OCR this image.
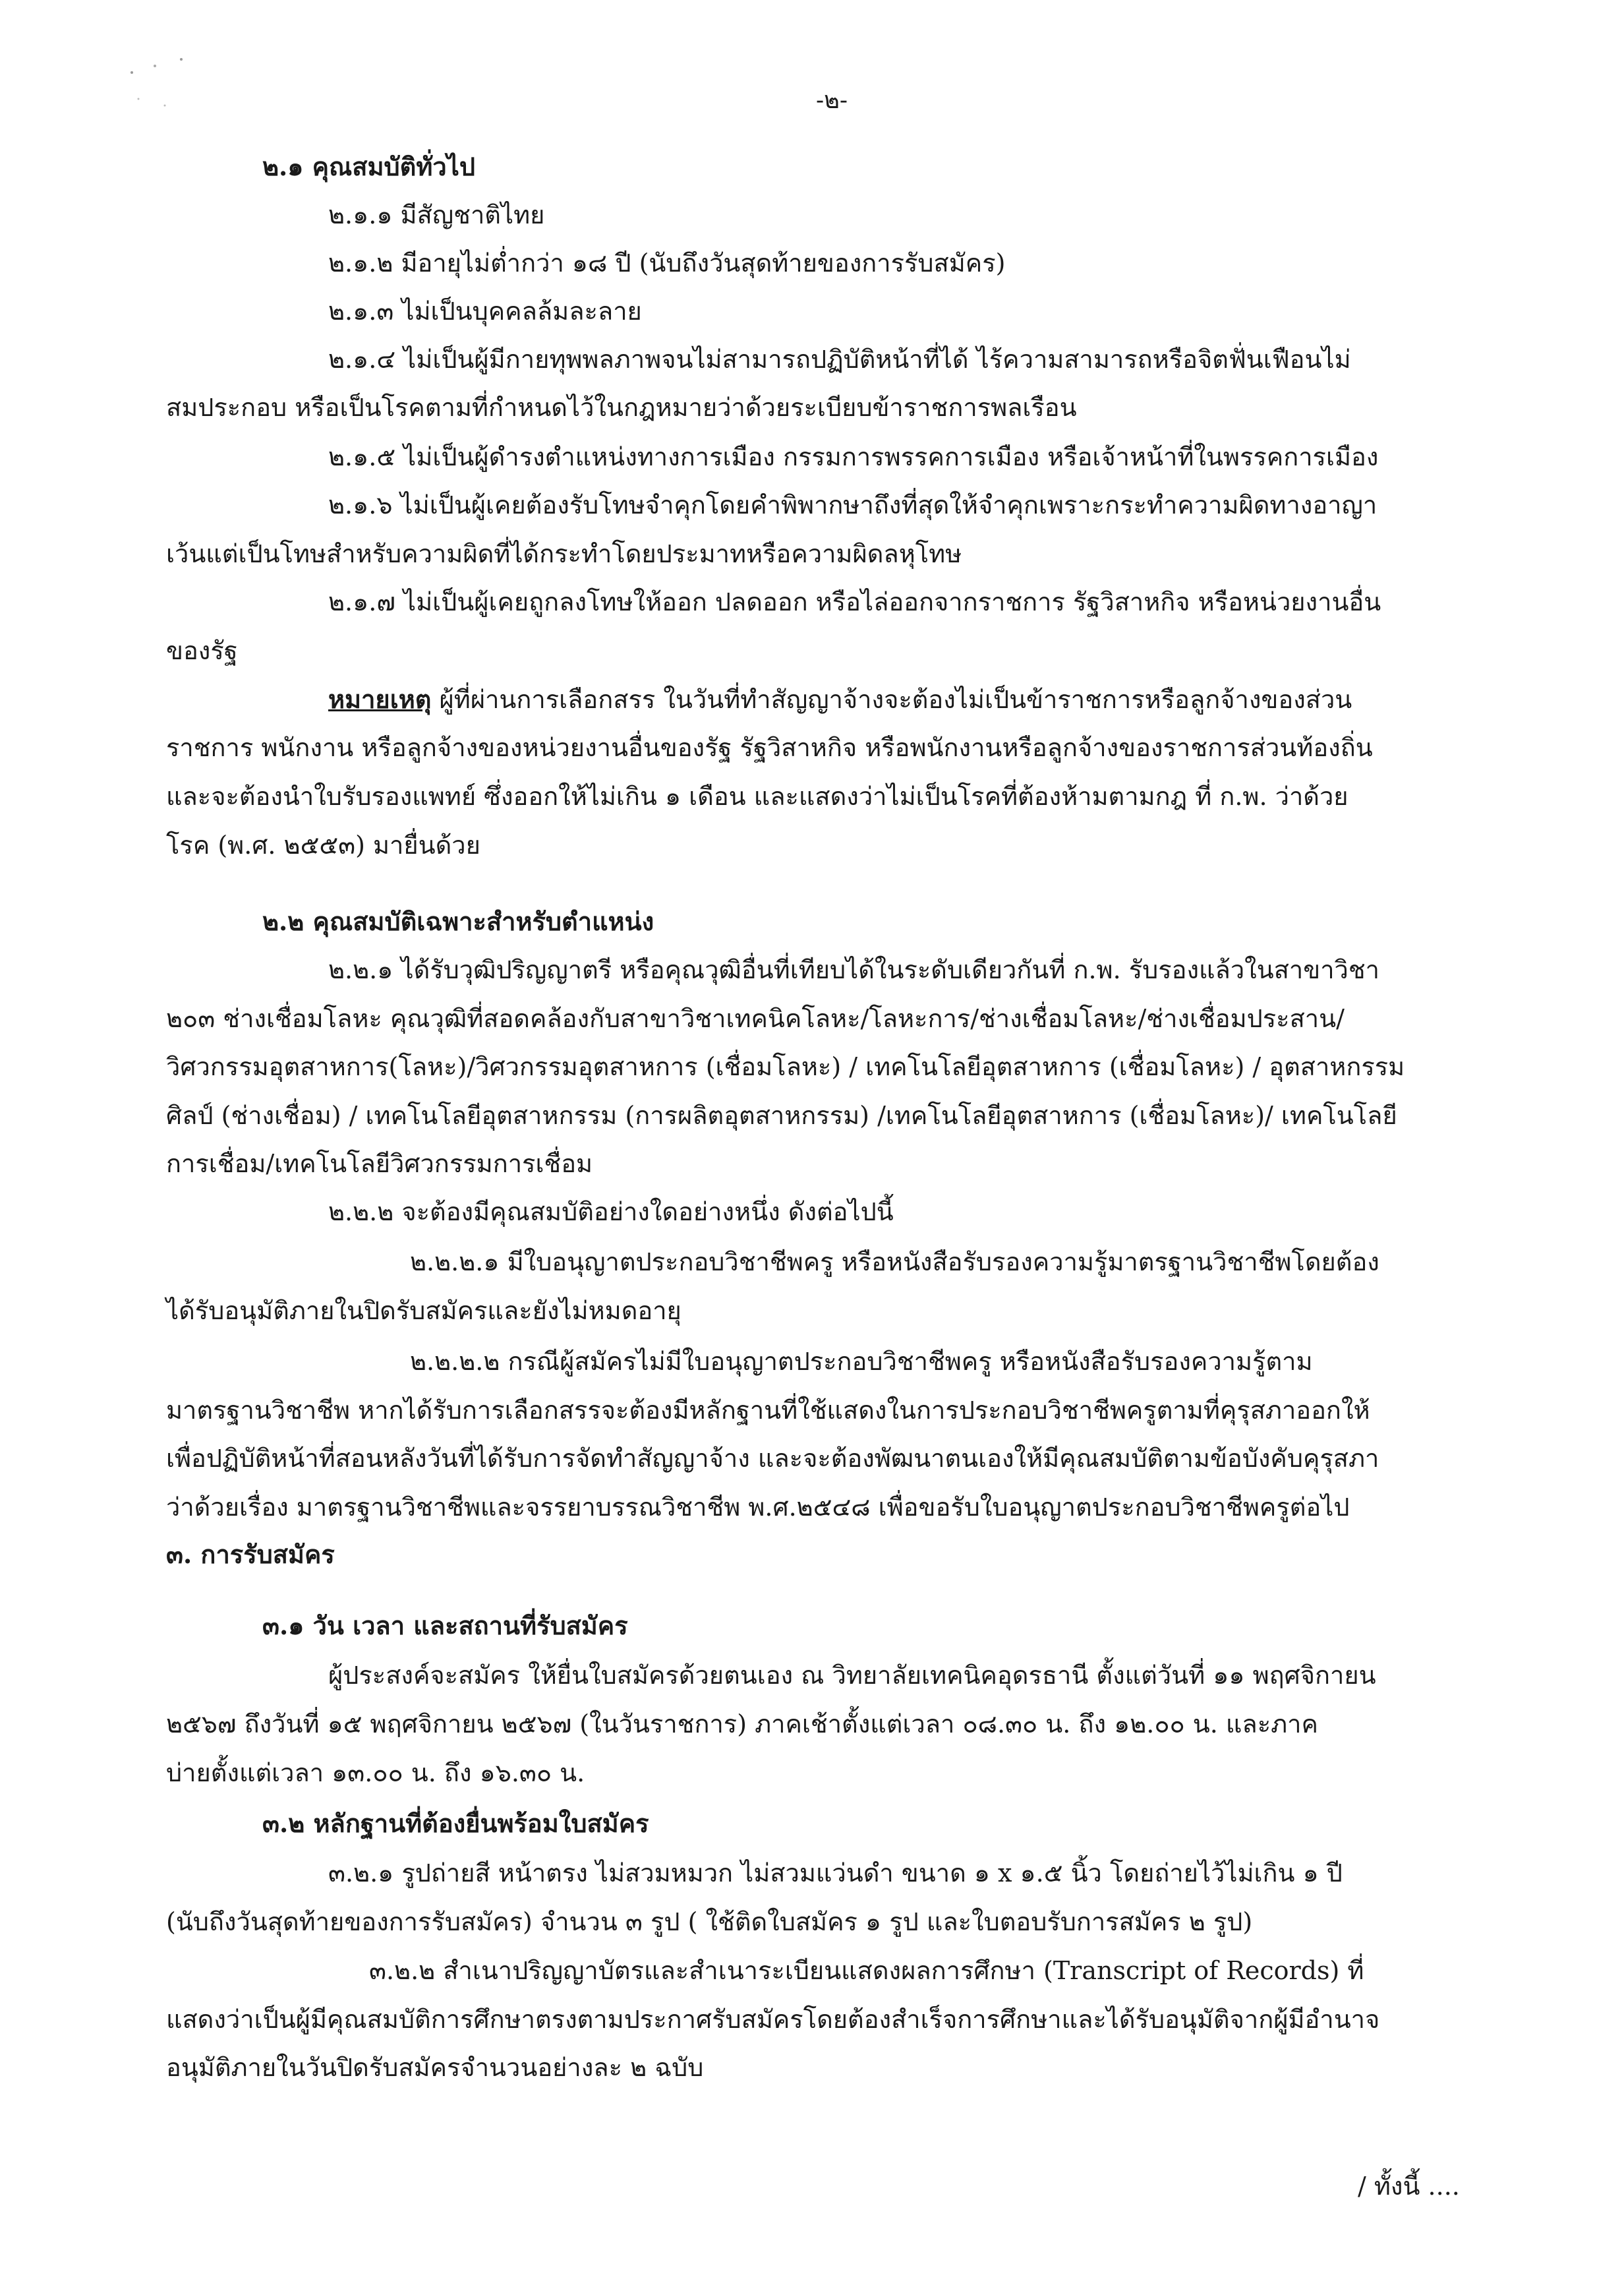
-๒-
๒.๑ คุณสมบัติทั่วไป
๒.๑.๑ มีสัญชาติไทย
๒.๑.๒ มีอายุไม่ต่ำกว่า ๑๘ ปี (นับถึงวันสุดท้ายของการรับสมัคร)
๒.๑.๓ ไม่เป็นบุคคลล้มละลาย
๒.๑.๔ ไม่เป็นผู้มีกายทุพพลภาพจนไม่สามารถปฏิบัติหน้าที่ได้ ไร้ความสามารถหรือจิตฟั่นเฟือนไม่
สมประกอบ หรือเป็นโรคตามที่กำหนดไว้ในกฎหมายว่าด้วยระเบียบข้าราชการพลเรือน
๒.๑.๕ ไม่เป็นผู้ดำรงตำแหน่งทางการเมือง กรรมการพรรคการเมือง หรือเจ้าหน้าที่ในพรรคการเมือง
๒.๑.๖ ไม่เป็นผู้เคยต้องรับโทษจำคุกโดยคำพิพากษาถึงที่สุดให้จำคุกเพราะกระทำความผิดทางอาญา
เว้นแต่เป็นโทษสำหรับความผิดที่ได้กระทำโดยประมาทหรือความผิดลหุโทษ
๒.๑.๗ ไม่เป็นผู้เคยถูกลงโทษให้ออก ปลดออก หรือไล่ออกจากราชการ รัฐวิสาหกิจ หรือหน่วยงานอื่น
ของรัฐ
หมายเหตุ ผู้ที่ผ่านการเลือกสรร ในวันที่ทำสัญญาจ้างจะต้องไม่เป็นข้าราชการหรือลูกจ้างของส่วน
ราชการ พนักงาน หรือลูกจ้างของหน่วยงานอื่นของรัฐ รัฐวิสาหกิจ หรือพนักงานหรือลูกจ้างของราชการส่วนท้องถิ่น
และจะต้องนำใบรับรองแพทย์ ซึ่งออกให้ไม่เกิน ๑ เดือน และแสดงว่าไม่เป็นโรคที่ต้องห้ามตามกฎ ที่ ก.พ. ว่าด้วย
โรค (พ.ศ. ๒๕๕๓) มายื่นด้วย
๒.๒ คุณสมบัติเฉพาะสำหรับตำแหน่ง
๒.๒.๑ ได้รับวุฒิปริญญาตรี หรือคุณวุฒิอื่นที่เทียบได้ในระดับเดียวกันที่ ก.พ. รับรองแล้วในสาขาวิชา
๒๐๓ ช่างเชื่อมโลหะ คุณวุฒิที่สอดคล้องกับสาขาวิชาเทคนิคโลหะ/โลหะการ/ช่างเชื่อมโลหะ/ช่างเชื่อมประสาน/
วิศวกรรมอุตสาหการ(โลหะ)/วิศวกรรมอุตสาหการ (เชื่อมโลหะ) / เทคโนโลยีอุตสาหการ (เชื่อมโลหะ) / อุตสาหกรรม
ศิลป์ (ช่างเชื่อม) / เทคโนโลยีอุตสาหกรรม (การผลิตอุตสาหกรรม) /เทคโนโลยีอุตสาหการ (เชื่อมโลหะ)/ เทคโนโลยี
การเชื่อม/เทคโนโลยีวิศวกรรมการเชื่อม
๒.๒.๒ จะต้องมีคุณสมบัติอย่างใดอย่างหนึ่ง ดังต่อไปนี้
๒.๒.๒.๑ มีใบอนุญาตประกอบวิชาชีพครู หรือหนังสือรับรองความรู้มาตรฐานวิชาชีพโดยต้อง
ได้รับอนุมัติภายในปิดรับสมัครและยังไม่หมดอายุ
๒.๒.๒.๒ กรณีผู้สมัครไม่มีใบอนุญาตประกอบวิชาชีพครู หรือหนังสือรับรองความรู้ตาม
มาตรฐานวิชาชีพ หากได้รับการเลือกสรรจะต้องมีหลักฐานที่ใช้แสดงในการประกอบวิชาชีพครูตามที่คุรุสภาออกให้
เพื่อปฏิบัติหน้าที่สอนหลังวันที่ได้รับการจัดทำสัญญาจ้าง และจะต้องพัฒนาตนเองให้มีคุณสมบัติตามข้อบังคับคุรุสภา
ว่าด้วยเรื่อง มาตรฐานวิชาชีพและจรรยาบรรณวิชาชีพ พ.ศ.๒๕๔๘ เพื่อขอรับใบอนุญาตประกอบวิชาชีพครูต่อไป
๓. การรับสมัคร
๓.๑ วัน เวลา และสถานที่รับสมัคร
ผู้ประสงค์จะสมัคร ให้ยื่นใบสมัครด้วยตนเอง ณ วิทยาลัยเทคนิคอุดรธานี ตั้งแต่วันที่ ๑๑ พฤศจิกายน
๒๕๖๗ ถึงวันที่ ๑๕ พฤศจิกายน ๒๕๖๗ (ในวันราชการ) ภาคเช้าตั้งแต่เวลา ๐๘.๓๐ น. ถึง ๑๒.๐๐ น. และภาค
บ่ายตั้งแต่เวลา ๑๓.๐๐ น. ถึง ๑๖.๓๐ น.
๓.๒ หลักฐานที่ต้องยื่นพร้อมใบสมัคร
๓.๒.๑ รูปถ่ายสี หน้าตรง ไม่สวมหมวก ไม่สวมแว่นดำ ขนาด ๑ x ๑.๕ นิ้ว โดยถ่ายไว้ไม่เกิน ๑ ปี
(นับถึงวันสุดท้ายของการรับสมัคร) จำนวน ๓ รูป ( ใช้ติดใบสมัคร ๑ รูป และใบตอบรับการสมัคร ๒ รูป)
๓.๒.๒ สำเนาปริญญาบัตรและสำเนาระเบียนแสดงผลการศึกษา (Transcript of Records) ที่
แสดงว่าเป็นผู้มีคุณสมบัติการศึกษาตรงตามประกาศรับสมัครโดยต้องสำเร็จการศึกษาและได้รับอนุมัติจากผู้มีอำนาจ
อนุมัติภายในวันปิดรับสมัครจำนวนอย่างละ ๒ ฉบับ
/ ทั้งนี้ ....
